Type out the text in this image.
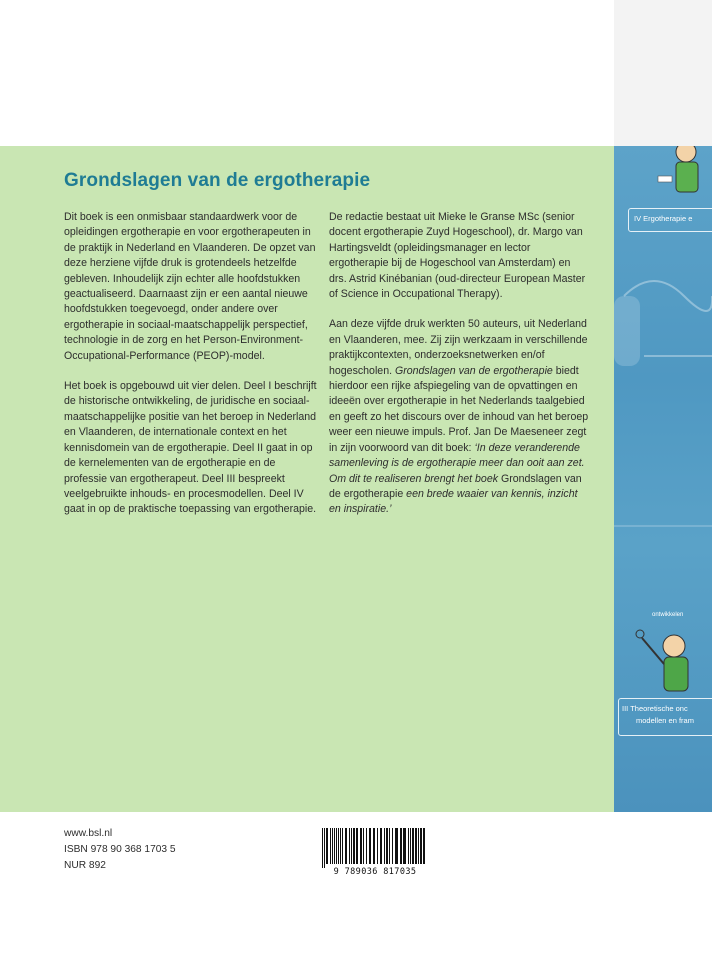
IV Ergotherapie e
ontwikkelen
III Theoretische onc
modellen en fram
Grondslagen van de ergotherapie

Dit boek is een onmisbaar standaardwerk voor de opleidingen ergotherapie en voor ergotherapeuten in de praktijk in Nederland en Vlaanderen. De opzet van deze herziene vijfde druk is grotendeels hetzelfde gebleven. Inhoudelijk zijn echter alle hoofdstukken geactualiseerd. Daarnaast zijn er een aantal nieuwe hoofdstukken toegevoegd, onder andere over ergotherapie in sociaal-maatschappelijk perspectief, technologie in de zorg en het Person-Environment-Occupational-Performance (PEOP)-model.

Het boek is opgebouwd uit vier delen. Deel I beschrijft de historische ontwikkeling, de juridische en sociaal-maatschappelijke positie van het beroep in Nederland en Vlaanderen, de internationale context en het kennisdomein van de ergotherapie. Deel II gaat in op de kernelementen van de ergotherapie en de professie van ergotherapeut. Deel III bespreekt veelgebruikte inhouds- en procesmodellen. Deel IV gaat in op de praktische toepassing van ergotherapie.

De redactie bestaat uit Mieke le Granse MSc (senior docent ergotherapie Zuyd Hogeschool), dr. Margo van Hartingsveldt (opleidingsmanager en lector ergotherapie bij de Hogeschool van Amsterdam) en drs. Astrid Kinébanian (oud-directeur European Master of Science in Occupational Therapy).

Aan deze vijfde druk werkten 50 auteurs, uit Nederland en Vlaanderen, mee. Zij zijn werkzaam in verschillende praktijkcontexten, onderzoeksnetwerken en/of hogescholen. Grondslagen van de ergotherapie biedt hierdoor een rijke afspiegeling van de opvattingen en ideeën over ergotherapie in het Nederlands taalgebied en geeft zo het discours over de inhoud van het beroep weer een nieuwe impuls. Prof. Jan De Maeseneer zegt in zijn voorwoord van dit boek: ‘In deze veranderende samenleving is de ergotherapie meer dan ooit aan zet. Om dit te realiseren brengt het boek Grondslagen van de ergotherapie een brede waaier van kennis, inzicht en inspiratie.’

www.bsl.nl
ISBN 978 90 368 1703 5
NUR 892
9 789036 817035
